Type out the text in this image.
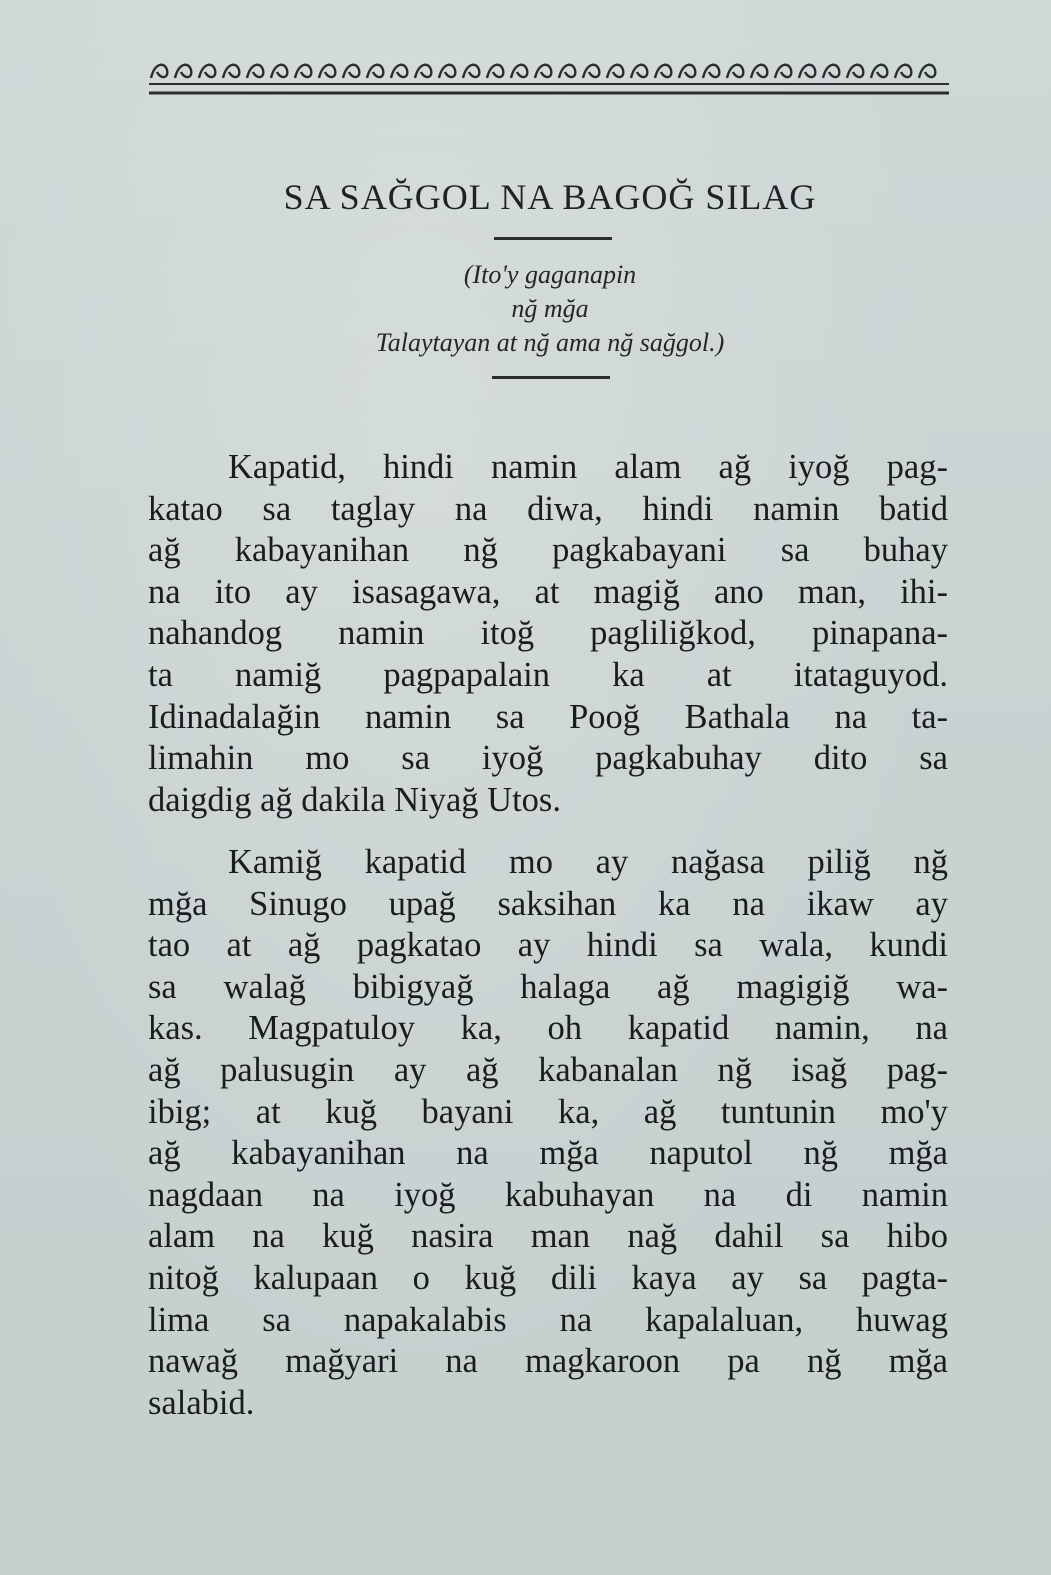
SA SAĞGOL NA BAGOĞ SILAG
(Ito'y gaganapin
nğ mğa
Talaytayan at nğ ama nğ sağgol.)
Kapatid, hindi namin alam ağ iyoğ pag-
katao sa taglay na diwa, hindi namin batid
ağ kabayanihan nğ pagkabayani sa buhay
na ito ay isasagawa, at magiğ ano man, ihi-
nahandog namin itoğ pagliliğkod, pinapana-
ta namiğ pagpapalain ka at itataguyod.
Idinadalağin namin sa Pooğ Bathala na ta-
limahin mo sa iyoğ pagkabuhay dito sa
daigdig ağ dakila Niyağ Utos.
Kamiğ kapatid mo ay nağasa piliğ nğ
mğa Sinugo upağ saksihan ka na ikaw ay
tao at ağ pagkatao ay hindi sa wala, kundi
sa walağ bibigyağ halaga ağ magigiğ wa-
kas. Magpatuloy ka, oh kapatid namin, na
ağ palusugin ay ağ kabanalan nğ isağ pag-
ibig; at kuğ bayani ka, ağ tuntunin mo'y
ağ kabayanihan na mğa naputol nğ mğa
nagdaan na iyoğ kabuhayan na di namin
alam na kuğ nasira man nağ dahil sa hibo
nitoğ kalupaan o kuğ dili kaya ay sa pagta-
lima sa napakalabis na kapalaluan, huwag
nawağ mağyari na magkaroon pa nğ mğa
salabid.
